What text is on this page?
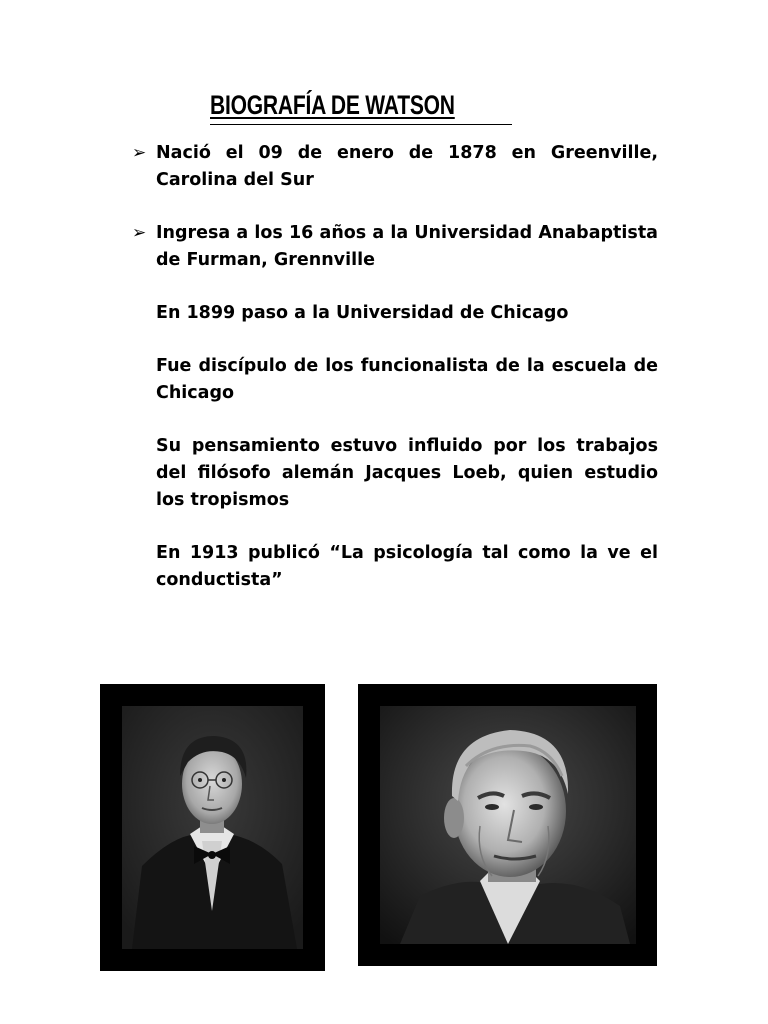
BIOGRAFÍA DE WATSON
➢ Nació el 09 de enero de 1878 en Greenville, Carolina del Sur
➢ Ingresa a los 16 años a la Universidad Anabaptista de Furman, Grennville
En 1899 paso a la Universidad de Chicago
Fue discípulo de los funcionalista de la escuela de Chicago
Su pensamiento estuvo influido por los trabajos del filósofo alemán Jacques Loeb, quien estudio los tropismos
En 1913 publicó “La psicología tal como la ve el conductista”
